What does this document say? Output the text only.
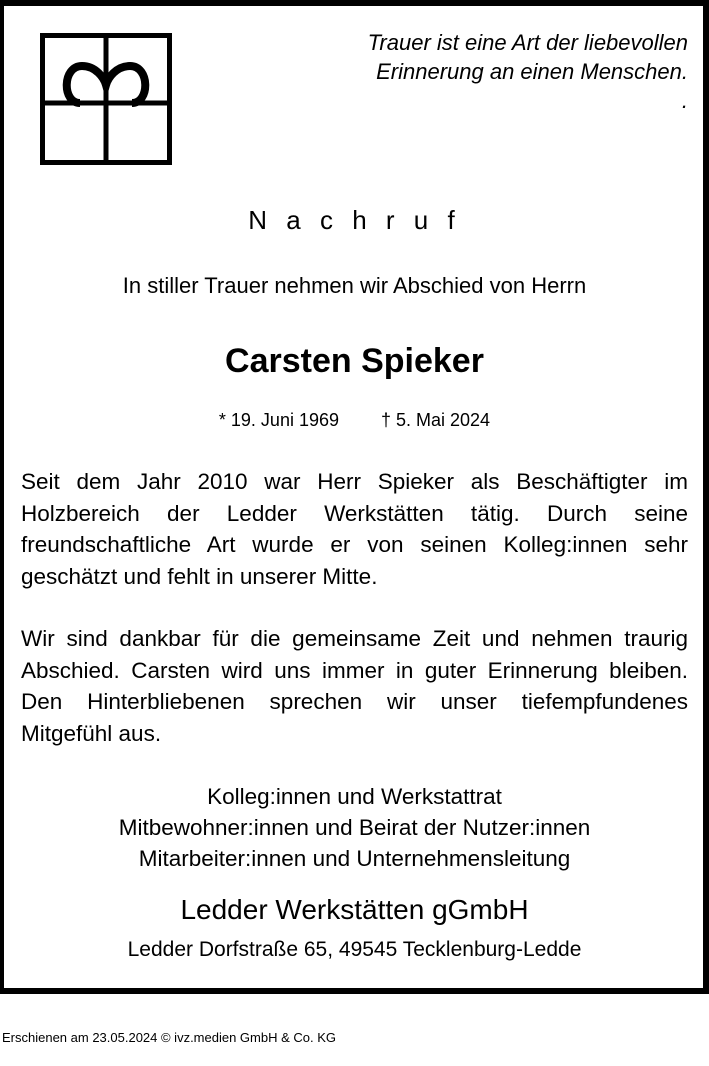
Trauer ist eine Art der liebevollen
Erinnerung an einen Menschen.
.
N a c h r u f
In stiller Trauer nehmen wir Abschied von Herrn
Carsten Spieker
* 19. Juni 1969 † 5. Mai 2024

Seit dem Jahr 2010 war Herr Spieker als Beschäftigter im Holzbereich der Ledder Werkstätten tätig. Durch seine freundschaftliche Art wurde er von seinen Kolleg:innen sehr geschätzt und fehlt in unserer Mitte.

Wir sind dankbar für die gemeinsame Zeit und nehmen traurig Abschied. Carsten wird uns immer in guter Erinnerung bleiben. Den Hinterbliebenen sprechen wir unser tiefempfundenes Mitgefühl aus.

Kolleg:innen und Werkstattrat
Mitbewohner:innen und Beirat der Nutzer:innen
Mitarbeiter:innen und Unternehmensleitung
Ledder Werkstätten gGmbH
Ledder Dorfstraße 65, 49545 Tecklenburg-Ledde
Erschienen am 23.05.2024 © ivz.medien GmbH & Co. KG
